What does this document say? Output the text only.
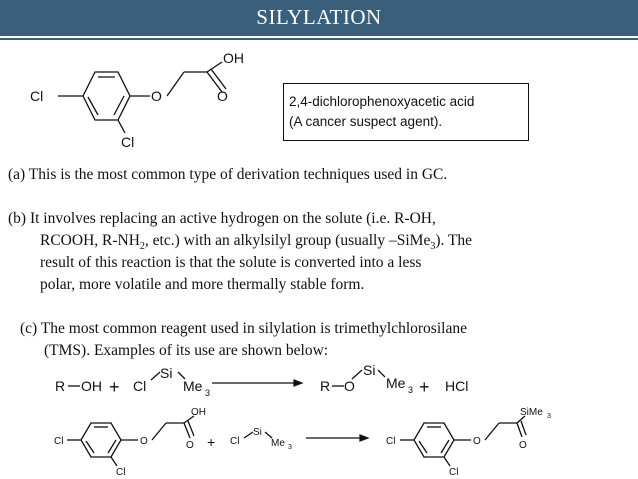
SILYLATION
Cl	O	O
OH
Cl
R OH + Cl
Si
Me 3	R O
Si
Me 3 + HCl
Cl	O	O
OH
Cl
+ Cl
Si
Me 3
Cl	O	O
SiMe 3
Cl
2,4-dichlorophenoxyacetic acid
(A cancer suspect agent).
(a) This is the most common type of derivation techniques used in GC.
(b) It involves replacing an active hydrogen on the solute (i.e. R-OH,
RCOOH, $R-NH_2$, etc.) with an alkylsilyl group (usually –SiMe$_3$). The
result of this reaction is that the solute is converted into a less
polar, more volatile and more thermally stable form.
(c) The most common reagent used in silylation is trimethylchlorosilane
(TMS). Examples of its use are shown below:
